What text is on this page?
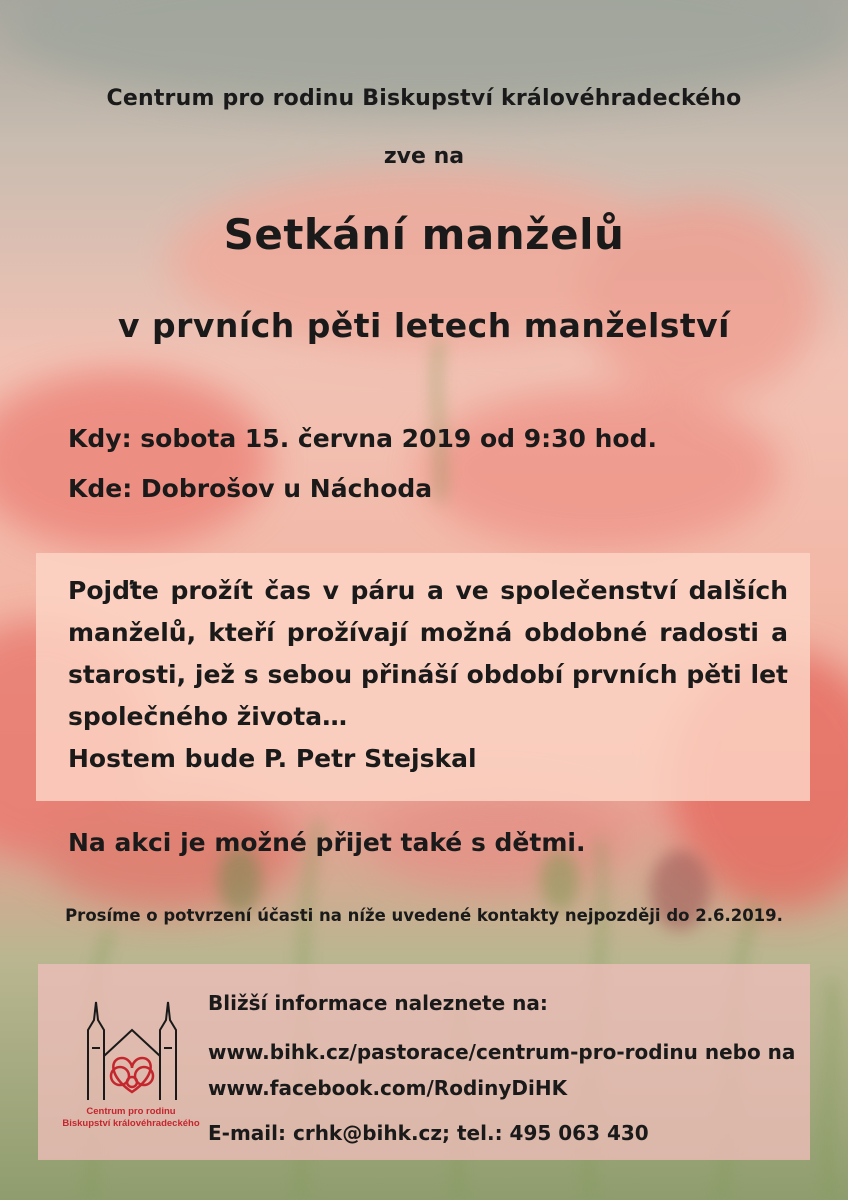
Centrum pro rodinu Biskupství královéhradeckého
zve na
Setkání manželů
v prvních pěti letech manželství
Kdy: sobota 15. června 2019 od 9:30 hod.
Kde: Dobrošov u Náchoda
Pojďte prožít čas v páru a ve společenství dalších manželů, kteří prožívají možná obdobné radosti a starosti, jež s sebou přináší období prvních pěti let společného života…
Hostem bude P. Petr Stejskal
Na akci je možné přijet také s dětmi.
Prosíme o potvrzení účasti na níže uvedené kontakty nejpozději do 2.6.2019.
Centrum pro rodinu
Biskupství královéhradeckého
Bližší informace naleznete na:
www.bihk.cz/pastorace/centrum-pro-rodinu nebo na
www.facebook.com/RodinyDiHK
E-mail: crhk@bihk.cz; tel.: 495 063 430
